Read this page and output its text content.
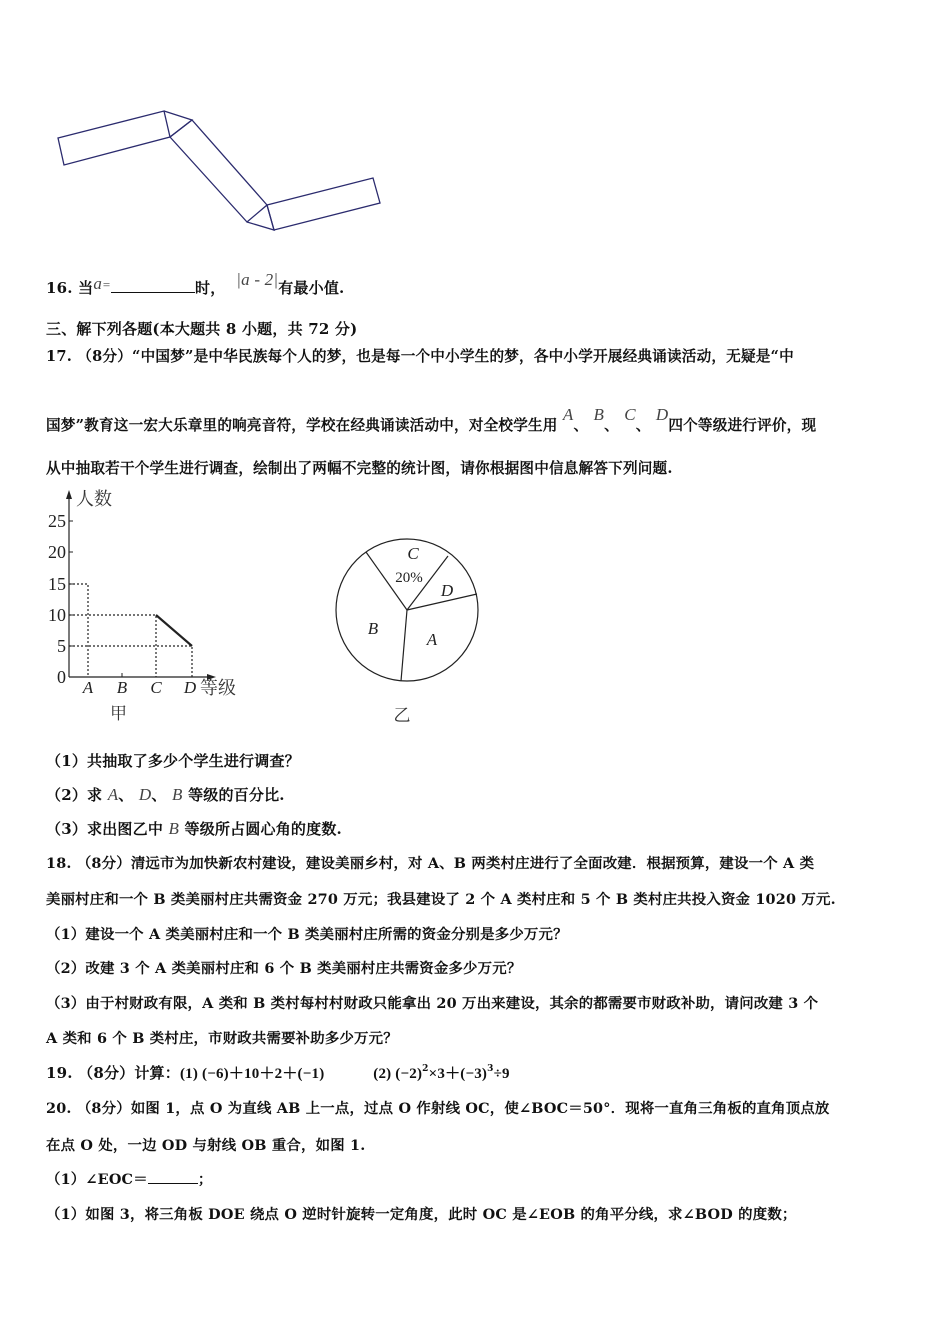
16. 当a=	时， |a - 2|有最小值.
三、解下列各题(本大题共 8 小题，共 72 分)
17. （8分）“中国梦”是中华民族每个人的梦，也是每一个中小学生的梦，各中小学开展经典诵读活动，无疑是“中
国梦”教育这一宏大乐章里的响亮音符，学校在经典诵读活动中，对全校学生用 A、 B、 C、 D四个等级进行评价，现
从中抽取若干个学生进行调查，绘制出了两幅不完整的统计图，请你根据图中信息解答下列问题.
0
5
10
15
20
25
人数
A B C D 等级
甲
C
D
B
A
20%
乙
（1）共抽取了多少个学生进行调查？
（2）求 A、 D、 B 等级的百分比.
（3）求出图乙中 B 等级所占圆心角的度数.
18. （8分）清远市为加快新农村建设，建设美丽乡村，对 A、B 两类村庄进行了全面改建．根据预算，建设一个 A 类
美丽村庄和一个 B 类美丽村庄共需资金 270 万元；我县建设了 2 个 A 类村庄和 5 个 B 类村庄共投入资金 1020 万元.
（1）建设一个 A 类美丽村庄和一个 B 类美丽村庄所需的资金分别是多少万元？
（2）改建 3 个 A 类美丽村庄和 6 个 B 类美丽村庄共需资金多少万元？
（3）由于村财政有限，A 类和 B 类村每村村财政只能拿出 20 万出来建设，其余的都需要市财政补助，请问改建 3 个
A 类和 6 个 B 类村庄，市财政共需要补助多少万元？
19. （8分）计算：(1) (−6)＋10＋2＋(−1)	(2) $(-2)^2\times 3+(-3)^3\div 9$
20. （8分）如图 1，点 O 为直线 AB 上一点，过点 O 作射线 OC，使∠BOC＝50°．现将一直角三角板的直角顶点放
在点 O 处，一边 OD 与射线 OB 重合，如图 1.
（1）∠EOC＝	；
（1）如图 3，将三角板 DOE 绕点 O 逆时针旋转一定角度，此时 OC 是∠EOB 的角平分线，求∠BOD 的度数；
